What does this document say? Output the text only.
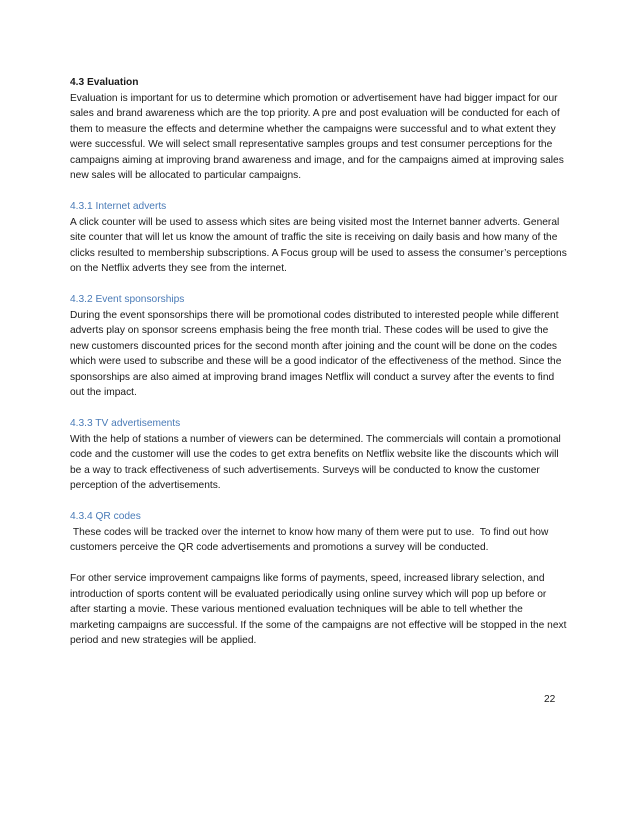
4.3 Evaluation

Evaluation is important for us to determine which promotion or advertisement have had bigger impact for our sales and brand awareness which are the top priority. A pre and post evaluation will be conducted for each of them to measure the effects and determine whether the campaigns were successful and to what extent they were successful. We will select small representative samples groups and test consumer perceptions for the campaigns aiming at improving brand awareness and image, and for the campaigns aimed at improving sales new sales will be allocated to particular campaigns.

4.3.1 Internet adverts

A click counter will be used to assess which sites are being visited most the Internet banner adverts. General site counter that will let us know the amount of traffic the site is receiving on daily basis and how many of the clicks resulted to membership subscriptions. A Focus group will be used to assess the consumer’s perceptions on the Netflix adverts they see from the internet.

4.3.2 Event sponsorships

During the event sponsorships there will be promotional codes distributed to interested people while different adverts play on sponsor screens emphasis being the free month trial. These codes will be used to give the new customers discounted prices for the second month after joining and the count will be done on the codes which were used to subscribe and these will be a good indicator of the effectiveness of the method. Since the sponsorships are also aimed at improving brand images Netflix will conduct a survey after the events to find out the impact.

4.3.3 TV advertisements

With the help of stations a number of viewers can be determined. The commercials will contain a promotional code and the customer will use the codes to get extra benefits on Netflix website like the discounts which will be a way to track effectiveness of such advertisements. Surveys will be conducted to know the customer perception of the advertisements.

4.3.4 QR codes

These codes will be tracked over the internet to know how many of them were put to use.  To find out how customers perceive the QR code advertisements and promotions a survey will be conducted.

For other service improvement campaigns like forms of payments, speed, increased library selection, and introduction of sports content will be evaluated periodically using online survey which will pop up before or after starting a movie. These various mentioned evaluation techniques will be able to tell whether the marketing campaigns are successful. If the some of the campaigns are not effective will be stopped in the next period and new strategies will be applied.

22
